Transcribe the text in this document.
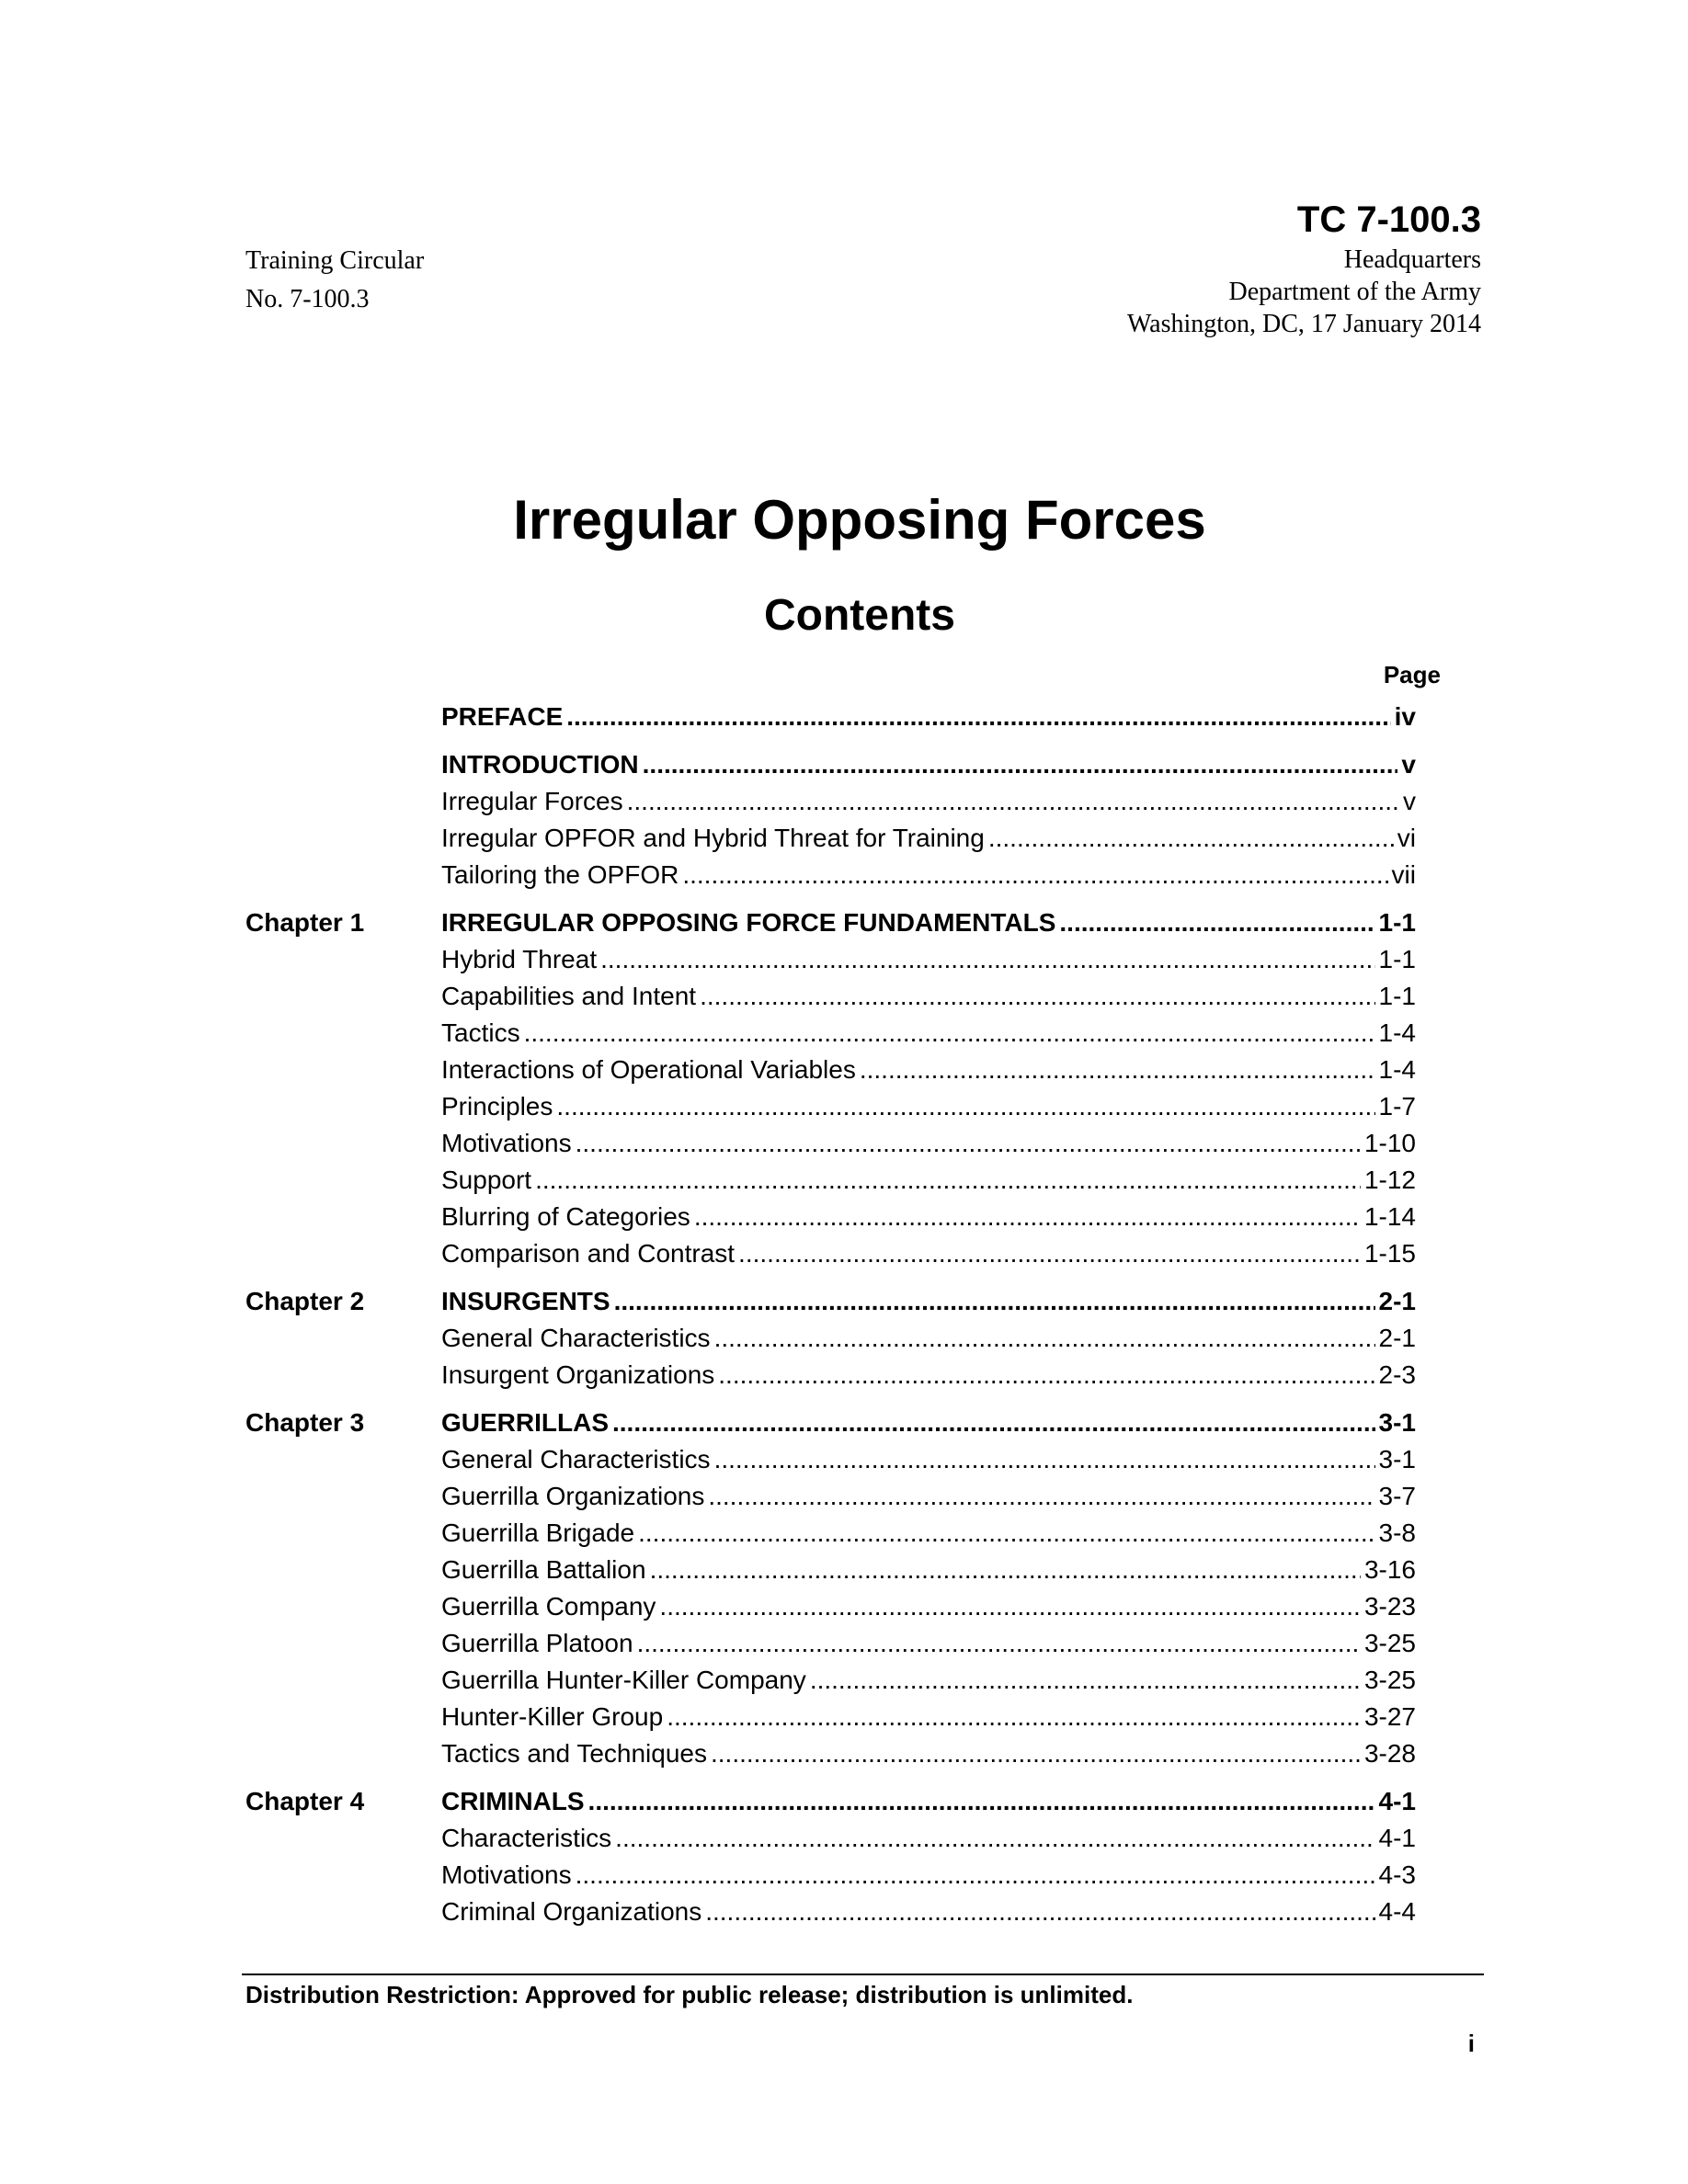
Training Circular
No. 7-100.3
TC 7-100.3
Headquarters
Department of the Army
Washington, DC, 17 January 2014
Irregular Opposing Forces
Contents
Page
PREFACE .....	iv
INTRODUCTION .....	v
Irregular Forces .....	v
Irregular OPFOR and Hybrid Threat for Training .....	vi
Tailoring the OPFOR .....	vii
Chapter 1	IRREGULAR OPPOSING FORCE FUNDAMENTALS .....	1-1
Hybrid Threat .....	1-1
Capabilities and Intent .....	1-1
Tactics .....	1-4
Interactions of Operational Variables .....	1-4
Principles .....	1-7
Motivations .....	1-10
Support .....	1-12
Blurring of Categories .....	1-14
Comparison and Contrast .....	1-15
Chapter 2	INSURGENTS .....	2-1
General Characteristics .....	2-1
Insurgent Organizations .....	2-3
Chapter 3	GUERRILLAS .....	3-1
General Characteristics .....	3-1
Guerrilla Organizations .....	3-7
Guerrilla Brigade .....	3-8
Guerrilla Battalion .....	3-16
Guerrilla Company .....	3-23
Guerrilla Platoon .....	3-25
Guerrilla Hunter-Killer Company .....	3-25
Hunter-Killer Group .....	3-27
Tactics and Techniques .....	3-28
Chapter 4	CRIMINALS .....	4-1
Characteristics .....	4-1
Motivations .....	4-3
Criminal Organizations .....	4-4
Distribution Restriction: Approved for public release; distribution is unlimited.
i
